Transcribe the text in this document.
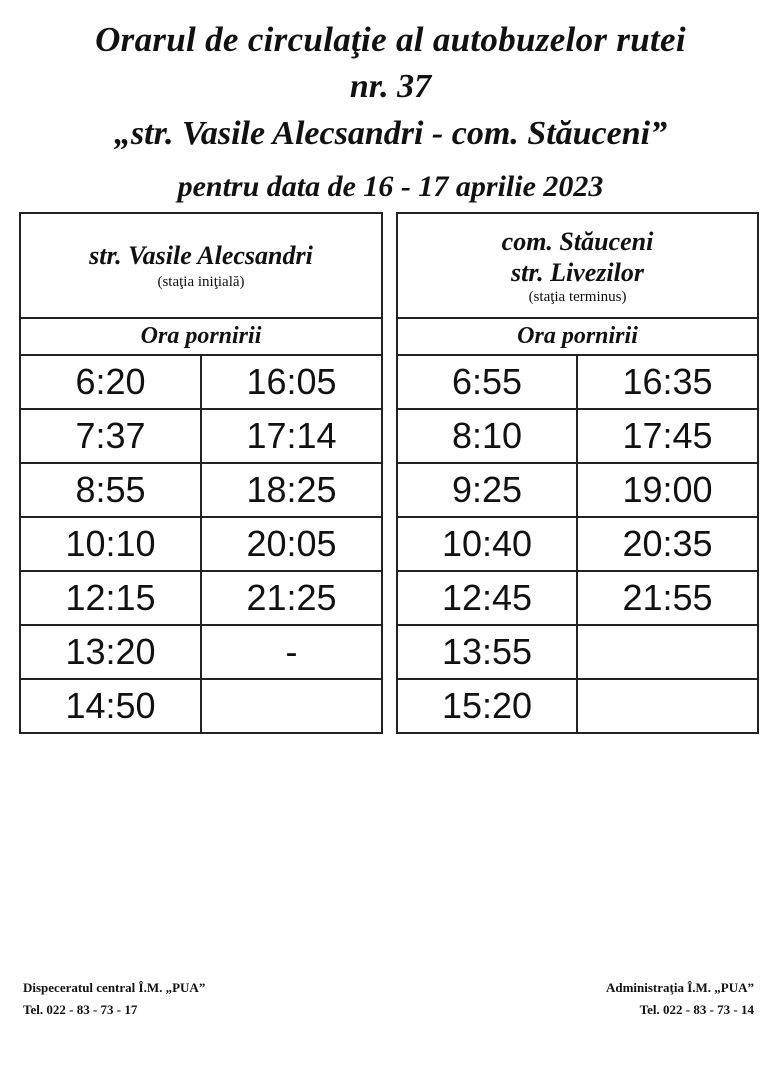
Orarul de circulaţie al autobuzelor rutei
nr. 37
„str. Vasile Alecsandri - com. Stăuceni”
pentru data de 16 - 17 aprilie 2023
str. Vasile Alecsandri
(staţia iniţială)	

Ora pornirii	
6:20	16:05
7:37	17:14
8:55	18:25
10:10	20:05
12:15	21:25
13:20	-
14:50	
com. Stăuceni
str. Livezilor
(staţia terminus)	

Ora pornirii	
6:55	16:35
8:10	17:45
9:25	19:00
10:40	20:35
12:45	21:55
13:55	
15:20	
Dispeceratul central Î.M. „PUA”
Tel. 022 - 83 - 73 - 17
Administraţia Î.M. „PUA”
Tel. 022 - 83 - 73 - 14
